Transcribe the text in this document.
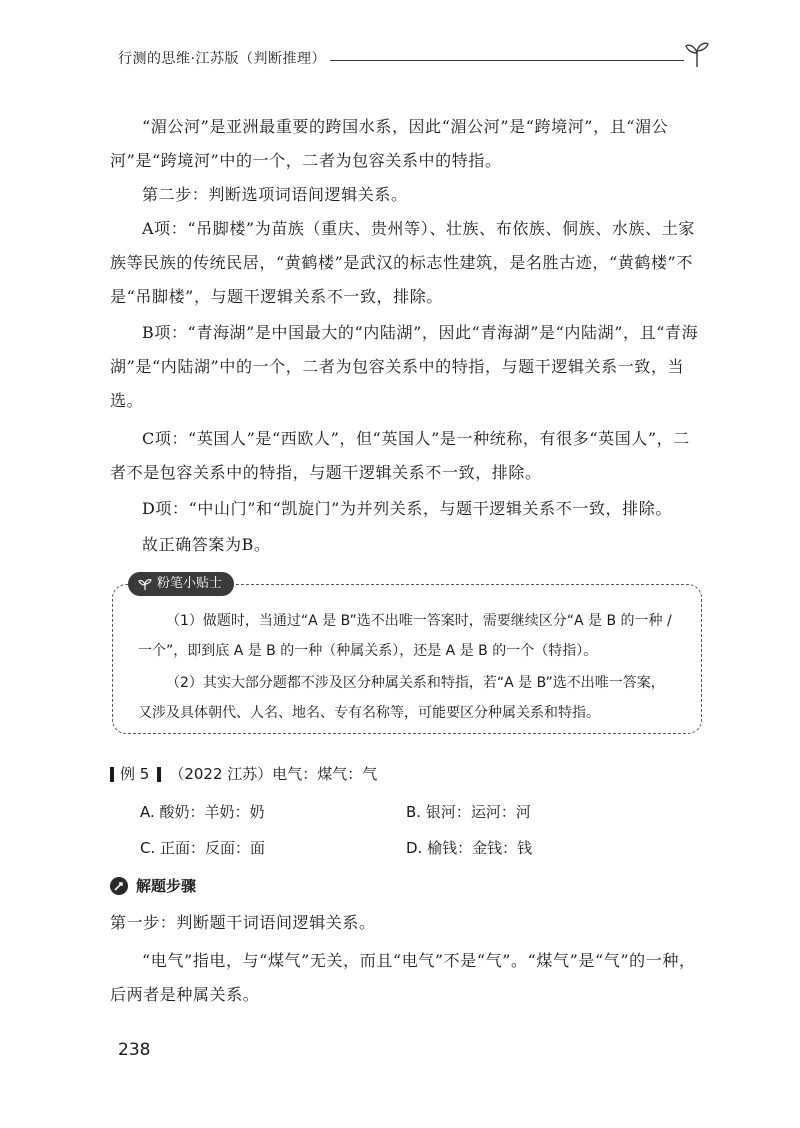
行测的思维·江苏版（判断推理）

“湄公河”是亚洲最重要的跨国水系，因此“湄公河”是“跨境河”，且“湄公河”是“跨境河”中的一个，二者为包容关系中的特指。

第二步：判断选项词语间逻辑关系。

A项：“吊脚楼”为苗族（重庆、贵州等）、壮族、布依族、侗族、水族、土家族等民族的传统民居，“黄鹤楼”是武汉的标志性建筑，是名胜古迹，“黄鹤楼”不是“吊脚楼”，与题干逻辑关系不一致，排除。

B项：“青海湖”是中国最大的“内陆湖”，因此“青海湖”是“内陆湖”，且“青海湖”是“内陆湖”中的一个，二者为包容关系中的特指，与题干逻辑关系一致，当选。

C项：“英国人”是“西欧人”，但“英国人”是一种统称，有很多“英国人”，二者不是包容关系中的特指，与题干逻辑关系不一致，排除。

D项：“中山门”和“凯旋门”为并列关系，与题干逻辑关系不一致，排除。

故正确答案为B。

粉笔小贴士

（1）做题时，当通过“A 是 B”选不出唯一答案时，需要继续区分“A 是 B 的一种 / 一个”，即到底 A 是 B 的一种（种属关系），还是 A 是 B 的一个（特指）。

（2）其实大部分题都不涉及区分种属关系和特指，若“A 是 B”选不出唯一答案，又涉及具体朝代、人名、地名、专有名称等，可能要区分种属关系和特指。

例 5 （2022 江苏） 电气：煤气：气
A. 酸奶：羊奶：奶	B. 银河：运河：河
C. 正面：反面：面	D. 榆钱：金钱：钱
解题步骤

第一步：判断题干词语间逻辑关系。

“电气”指电，与“煤气”无关，而且“电气”不是“气”。“煤气”是“气”的一种，后两者是种属关系。

238
